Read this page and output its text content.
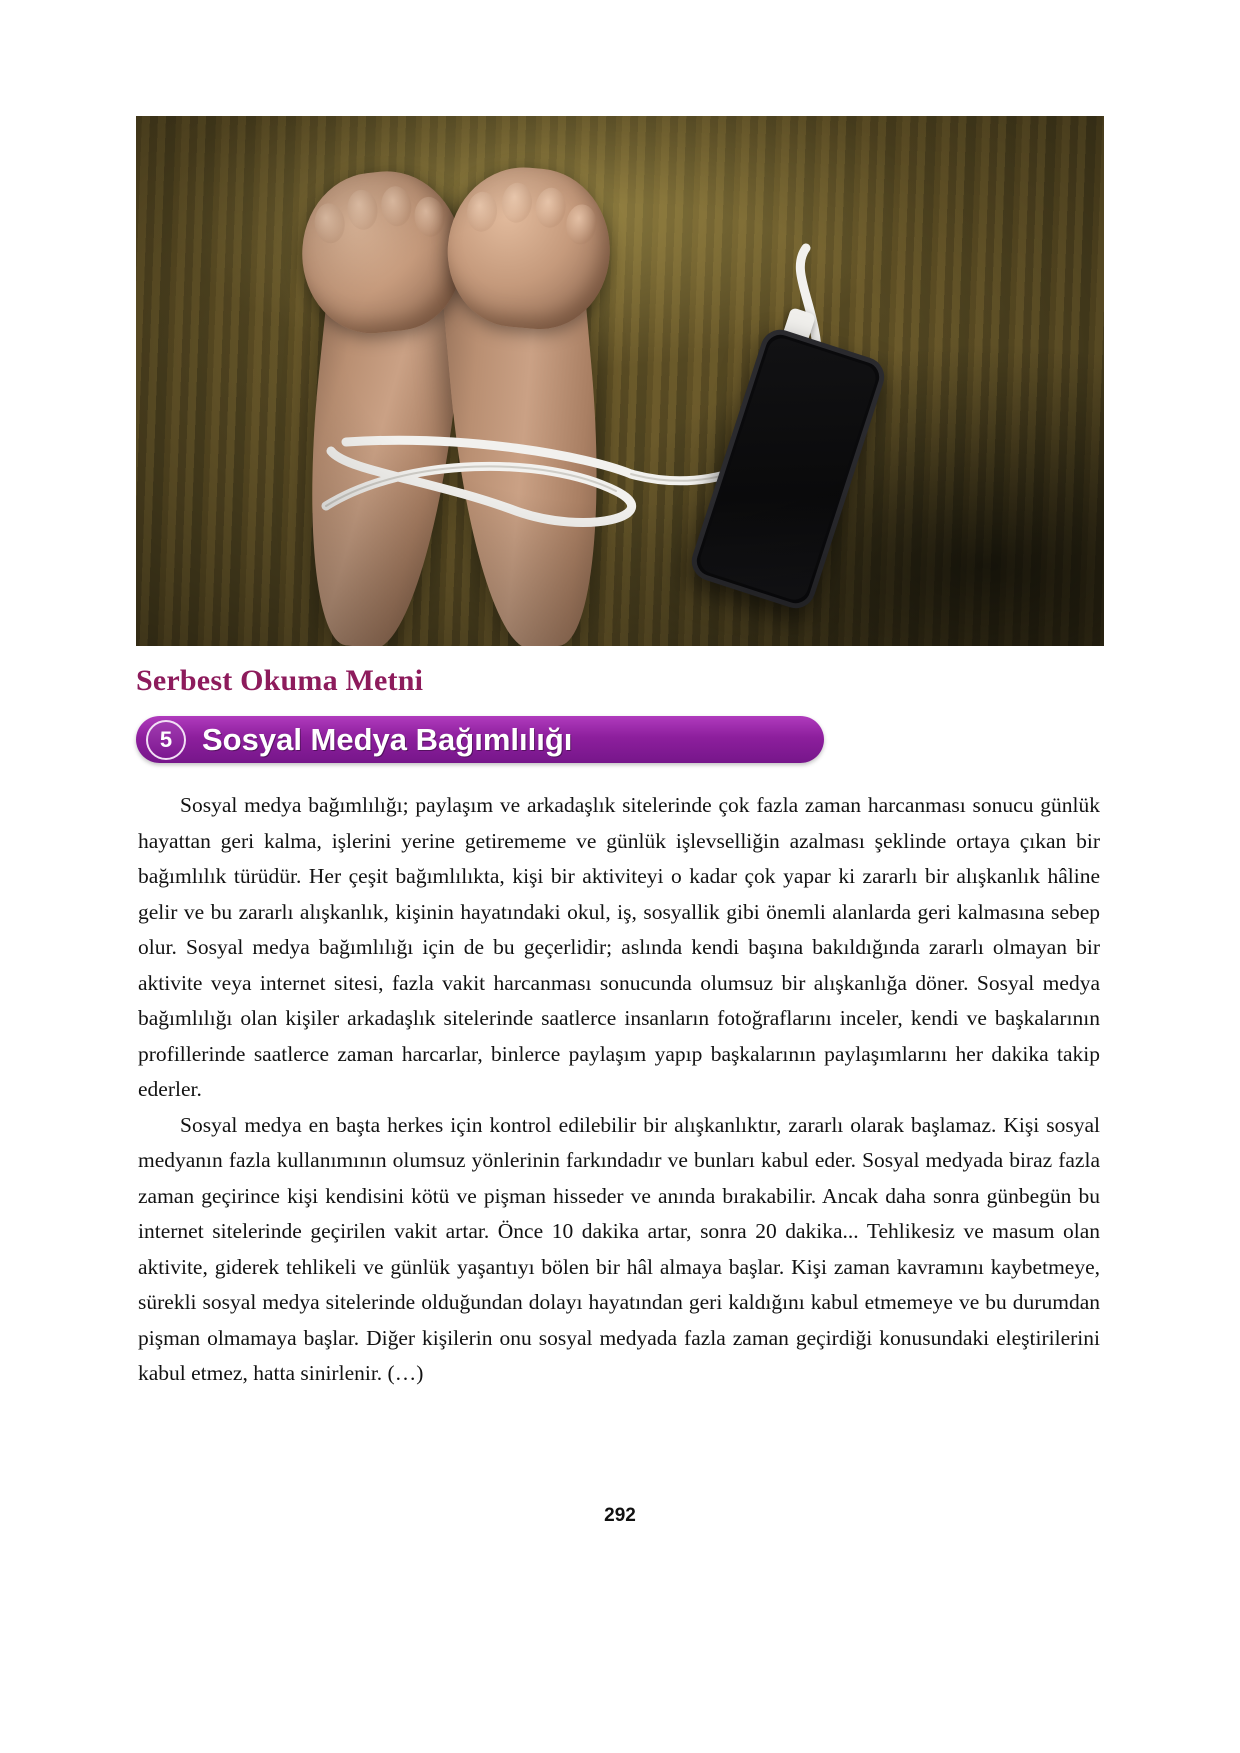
Serbest Okuma Metni
5 Sosyal Medya Bağımlılığı

Sosyal medya bağımlılığı; paylaşım ve arkadaşlık sitelerinde çok fazla zaman harcanması sonucu günlük hayattan geri kalma, işlerini yerine getirememe ve günlük işlevselliğin azalması şeklinde ortaya çıkan bir bağımlılık türüdür. Her çeşit bağımlılıkta, kişi bir aktiviteyi o kadar çok yapar ki zararlı bir alışkanlık hâline gelir ve bu zararlı alışkanlık, kişinin hayatındaki okul, iş, sosyallik gibi önemli alanlarda geri kalmasına sebep olur. Sosyal medya bağımlılığı için de bu geçerlidir; aslında kendi başına bakıldığında zararlı olmayan bir aktivite veya internet sitesi, fazla vakit harcanması sonucunda olumsuz bir alışkanlığa döner. Sosyal medya bağımlılığı olan kişiler arkadaşlık sitelerinde saatlerce insanların fotoğraflarını inceler, kendi ve başkalarının profillerinde saatlerce zaman harcarlar, binlerce paylaşım yapıp başkalarının paylaşımlarını her dakika takip ederler.

Sosyal medya en başta herkes için kontrol edilebilir bir alışkanlıktır, zararlı olarak başlamaz. Kişi sosyal medyanın fazla kullanımının olumsuz yönlerinin farkındadır ve bunları kabul eder. Sosyal medyada biraz fazla zaman geçirince kişi kendisini kötü ve pişman hisseder ve anında bırakabilir. Ancak daha sonra günbegün bu internet sitelerinde geçirilen vakit artar. Önce 10 dakika artar, sonra 20 dakika... Tehlikesiz ve masum olan aktivite, giderek tehlikeli ve günlük yaşantıyı bölen bir hâl almaya başlar. Kişi zaman kavramını kaybetmeye, sürekli sosyal medya sitelerinde olduğundan dolayı hayatından geri kaldığını kabul etmemeye ve bu durumdan pişman olmamaya başlar. Diğer kişilerin onu sosyal medyada fazla zaman geçirdiği konusundaki eleştirilerini kabul etmez, hatta sinirlenir. (…)

292
